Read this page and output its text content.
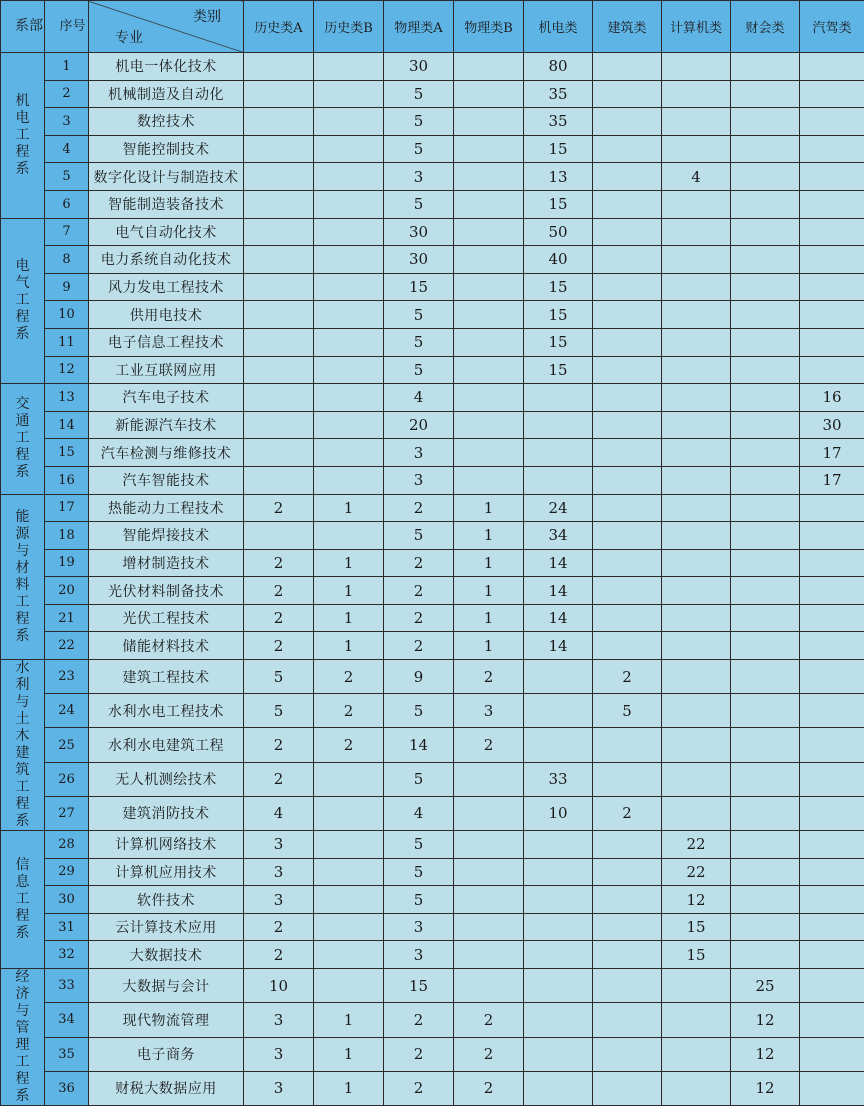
系部	序号	类别
专业	历史类A	历史类B	物理类A	物理类B	机电类	建筑类	计算机类	财会类	汽驾类
机电工程系	1	机电一体化技术			30		80				
	2	机械制造及自动化			5		35				
	3	数控技术			5		35				
	4	智能控制技术			5		15				
	5	数字化设计与制造技术			3		13		4		
	6	智能制造装备技术			5		15				
电气工程系	7	电气自动化技术			30		50				
	8	电力系统自动化技术			30		40				
	9	风力发电工程技术			15		15				
	10	供用电技术			5		15				
	11	电子信息工程技术			5		15				
	12	工业互联网应用			5		15				
交通工程系	13	汽车电子技术			4						16
	14	新能源汽车技术			20						30
	15	汽车检测与维修技术			3						17
	16	汽车智能技术			3						17
能源与材料工程系	17	热能动力工程技术	2	1	2	1	24				
	18	智能焊接技术			5	1	34				
	19	增材制造技术	2	1	2	1	14				
	20	光伏材料制备技术	2	1	2	1	14				
	21	光伏工程技术	2	1	2	1	14				
	22	储能材料技术	2	1	2	1	14				
水利与土木建筑工程系	23	建筑工程技术	5	2	9	2		2			
	24	水利水电工程技术	5	2	5	3		5			
	25	水利水电建筑工程	2	2	14	2					
	26	无人机测绘技术	2		5		33				
	27	建筑消防技术	4		4		10	2			
信息工程系	28	计算机网络技术	3		5				22		
	29	计算机应用技术	3		5				22		
	30	软件技术	3		5				12		
	31	云计算技术应用	2		3				15		
	32	大数据技术	2		3				15		
经济与管理工程系	33	大数据与会计	10		15					25	
	34	现代物流管理	3	1	2	2				12	
	35	电子商务	3	1	2	2				12	
	36	财税大数据应用	3	1	2	2				12	
